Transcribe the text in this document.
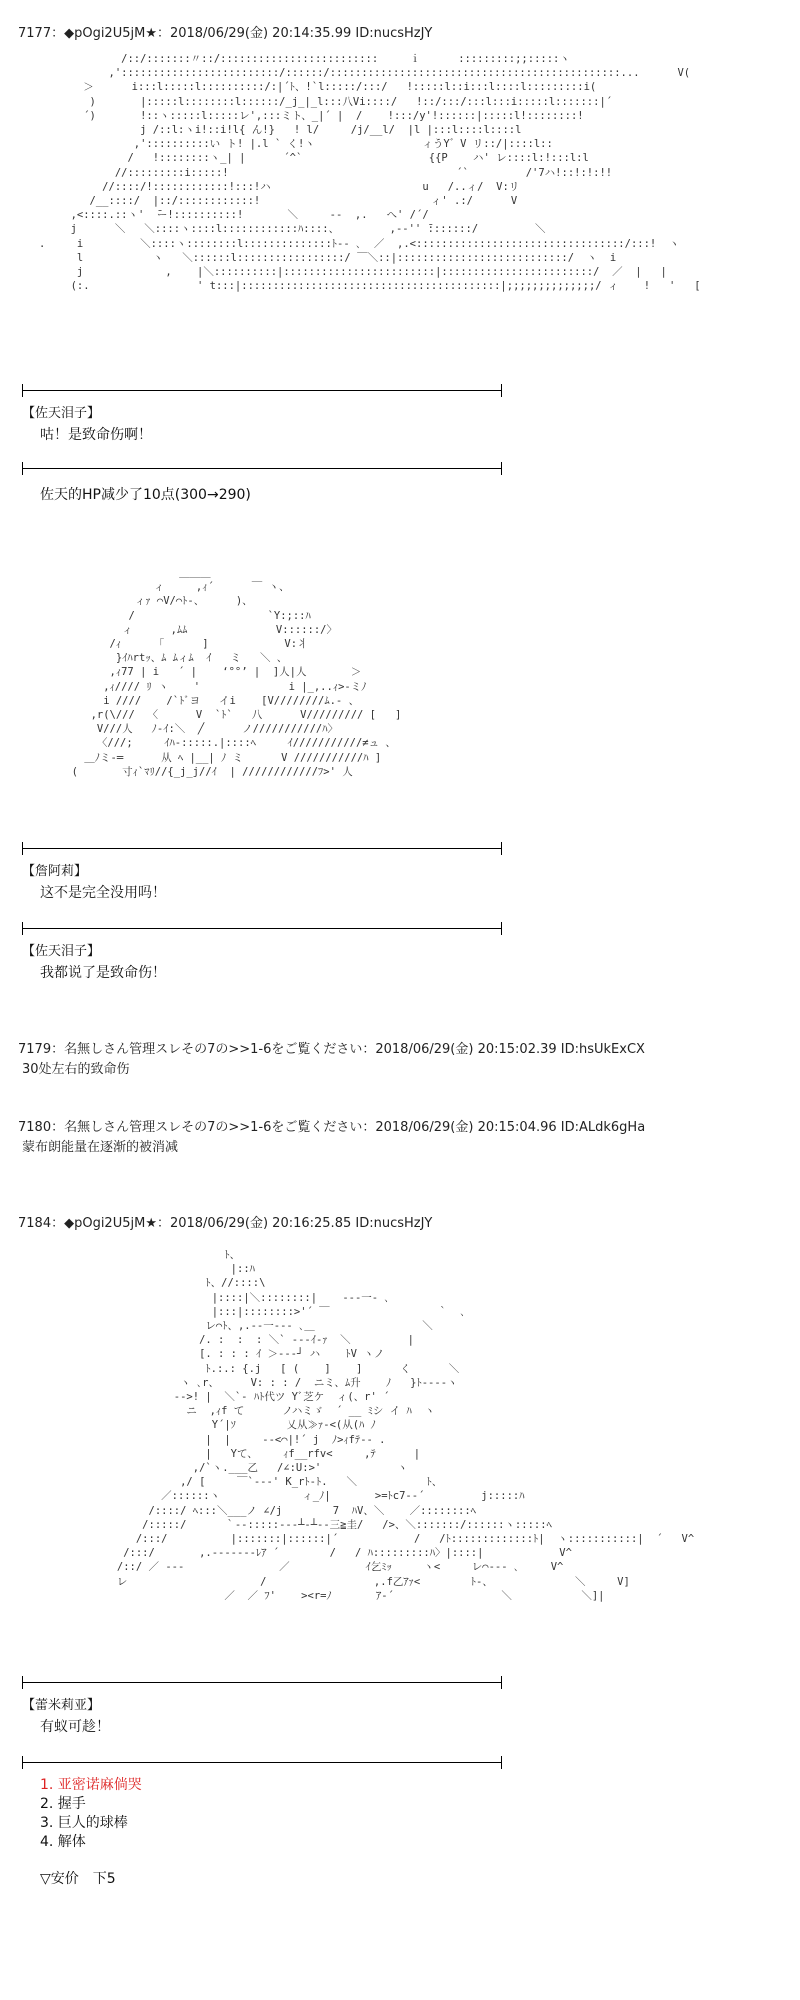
7177：◆pOgi2U5jM★：2018/06/29(金) 20:14:35.99 ID:nucsHzJY
/::/:::::::〃::/:::::::::::::::::::::::::     ｉ      :::::::::;;:::::ヽ
,':::::::::::::::::::::::::/::::::/::::::::::::::::::::::::::::::::::::::::::::::...      V(
＞      i:::l:::::l::::::::::/:|´ﾄ、!`l:::::/:::/   !:::::l::i:::l::::l:::::::::i(
)       |:::::l::::::::l::::::/_j_|_l:::八Vi::::/   !::/:::/:::l:::i:::::l:::::::|´
´)       !::ヽ:::::l:::::レ',:::ミト、_|´ |  /    !:::/y'!::::::|:::::l!::::::::!
j /::l:ヽi!::i!l{ ん!}   ! l/     /j/__l/  |l |:::l::::l::::l
,'::::::::::い ト! |.l ` く!ヽ                 ィうY゛V リ::/|::::l::
/   !::::::::ヽ_| |      ´^`                    {{P    ハ' レ::::l:!:::l:l
//:::::::::i:::::!                                    ´`         /'7ハ!::!:!:!!
//::::/!::::::::::::!:::!ハ                        u   /..ィ/  V:リ
/__::::/  |::/::::::::::::!                           ィ' .:/      V
,<::::.::ヽ'  ̄ー!::::::::::!       ＼     ‐‐  ,.   へ' /´/
j      ＼   ＼::::ヽ::::l::::::::::::ﾊ::::、        ,‐‐'' ̄:::::::/         ＼
.     i         ＼::::ヽ::::::::l::::::::::::::ﾄ‐- ､  ／  ,.<:::::::::::::::::::::::::::::::::/:::!  ヽ
l           ヽ   ＼::::::l:::::::::::::::::/ ￣＼::|:::::::::::::::::::::::::::/  ヽ  i
j             ,    |＼::::::::::|::::::::::::::::::::::::|::::::::::::::::::::::::/  ／  |   |
(:.                 ' t:::|:::::::::::::::::::::::::::::::::::::::::|;;;;;;;;;;;;;;/ ィ    !   '   [
【佐天泪子】
咕！是致命伤啊！
佐天的HP减少了10点(300→290)
＿＿＿
ィ     ,ｨ´      ￣ ヽ、
ィｧ ⌒V/⌒ﾄ‐、     )、
/                     `Y:;::ﾊ
ィ      ,ﾑﾑ              V::::::/〉
/ｨ      ｢      ]            V:丬
}ｲﾊrtｯ、ﾑ ﾑィﾑ  ｲ   ミ   ＼ 、
,ｨ77 | i   ´ |    ‘°°’ |  ]人|人       ＞
,ｨ//// ﾘ ヽ    '              i |_,..ｨ>-ミﾉ
i ////    /`ﾄﾞヨ   イi    [V////////ﾑ.- 、
,r(\///  〈      V  `ﾄ`   八      V///////// [   ]
V///人   ﾉ-ｲ:＼  ╱      ノ///////////ﾊ〉
〈///;     ｲﾊ-:::::.|::::ﾍ     ｲ///////////≠ュ 、
＿ﾉミ-═      从 ﾍ |__| ﾉ ミ      V ///////////ﾊ ]
(       寸ｨ`ﾏﾘ//{_j_j//ｲ  | ////////////ﾌ>' 人
【詹阿莉】
这不是完全没用吗！
【佐天泪子】
我都说了是致命伤！
7179：名無しさん管理スレその7の>>1-6をご覧ください：2018/06/29(金) 20:15:02.39 ID:hsUkExCX
30处左右的致命伤
7180：名無しさん管理スレその7の>>1-6をご覧ください：2018/06/29(金) 20:15:04.96 ID:ALdk6gHa
蒙布朗能量在逐渐的被消减
7184：◆pOgi2U5jM★：2018/06/29(金) 20:16:25.85 ID:nucsHzJY
ﾄ、
|::ﾊ
ﾄ、//::::\
|::::|＼::::::::|    ‐‐‐一‐ ､
|:::|::::::::>'´ ￣                 ｀  ､
レ⌒ﾄ、,.‐‐一‐‐‐ ､＿                 ＼
/. :  :  : ＼` ‐‐‐ｲ‐ｧ  ＼         |
[. : : : ｲ ＞‐‐‐┘ ハ    ﾄV ヽノ
ﾄ.:.: {.j   [ (    ]    ]      く      ＼
ヽ ､r、     V: : : /  ニミ、ﾑ升    ﾉ   }ﾄ‐‐‐-ヽ
‐‐>! |  ＼`‐ ﾊﾄ代ツ Yﾞ芝ケ  ィ(、r' ´
ニ  ,ｨf て      ノハミゞ  ´ __ ﾐシ イ ﾊ  ヽ
Y´|ｿ        乂从≫ｧ-<(从(ﾊ ﾉ
|  |     ‐‐<⌒|!´ j  ﾉ>ｨfﾃ-‐ .
|   Yて、    ｨf__rfv<     ,ﾃ      |
,/`ヽ.___乙   /∠:U:>'            ヽ
,/ [     ￣`‐‐-' K_rﾄ-ﾄ.   ＼           ﾄ、
／::::::ヽ             ィ_ﾉ|       >=ﾄc7‐‐´         j:::::ﾊ
/::::/ ﾍ:::＼___ノ ∠/j        7  ﾊV、＼    ／::::::::ﾍ
/:::::/      ｀‐‐:::::‐‐‐┴‐┴‐‐三≧圭/   />、＼:::::::/::::::ヽ:::::ﾍ
/:::/          |:::::::|::::::|´            /   /ﾄ:::::::::::::ﾄ|  ヽ:::::::::::|  ´   V^
/:::/       ,.‐‐‐‐‐‐‐ﾚｱ ´        /   / ﾊ:::::::::ﾊ〉|::::|            V^
/::/ ／ ‐‐‐               ／            ｲ乞ﾐｯ     ヽ<     レ⌒‐‐‐ ､     V^
レ                     /                 ,.f乙ｱｧ<        ﾄ-、             ＼     V]
／  ／ ﾌ'    ><r=ﾉ       ｱ‐´                 ＼           ＼]|
【蕾米莉亚】
有蚁可趁！
1. 亚密诺麻倘哭
2. 握手
3. 巨人的球棒
4. 解体
▽安价　下5
